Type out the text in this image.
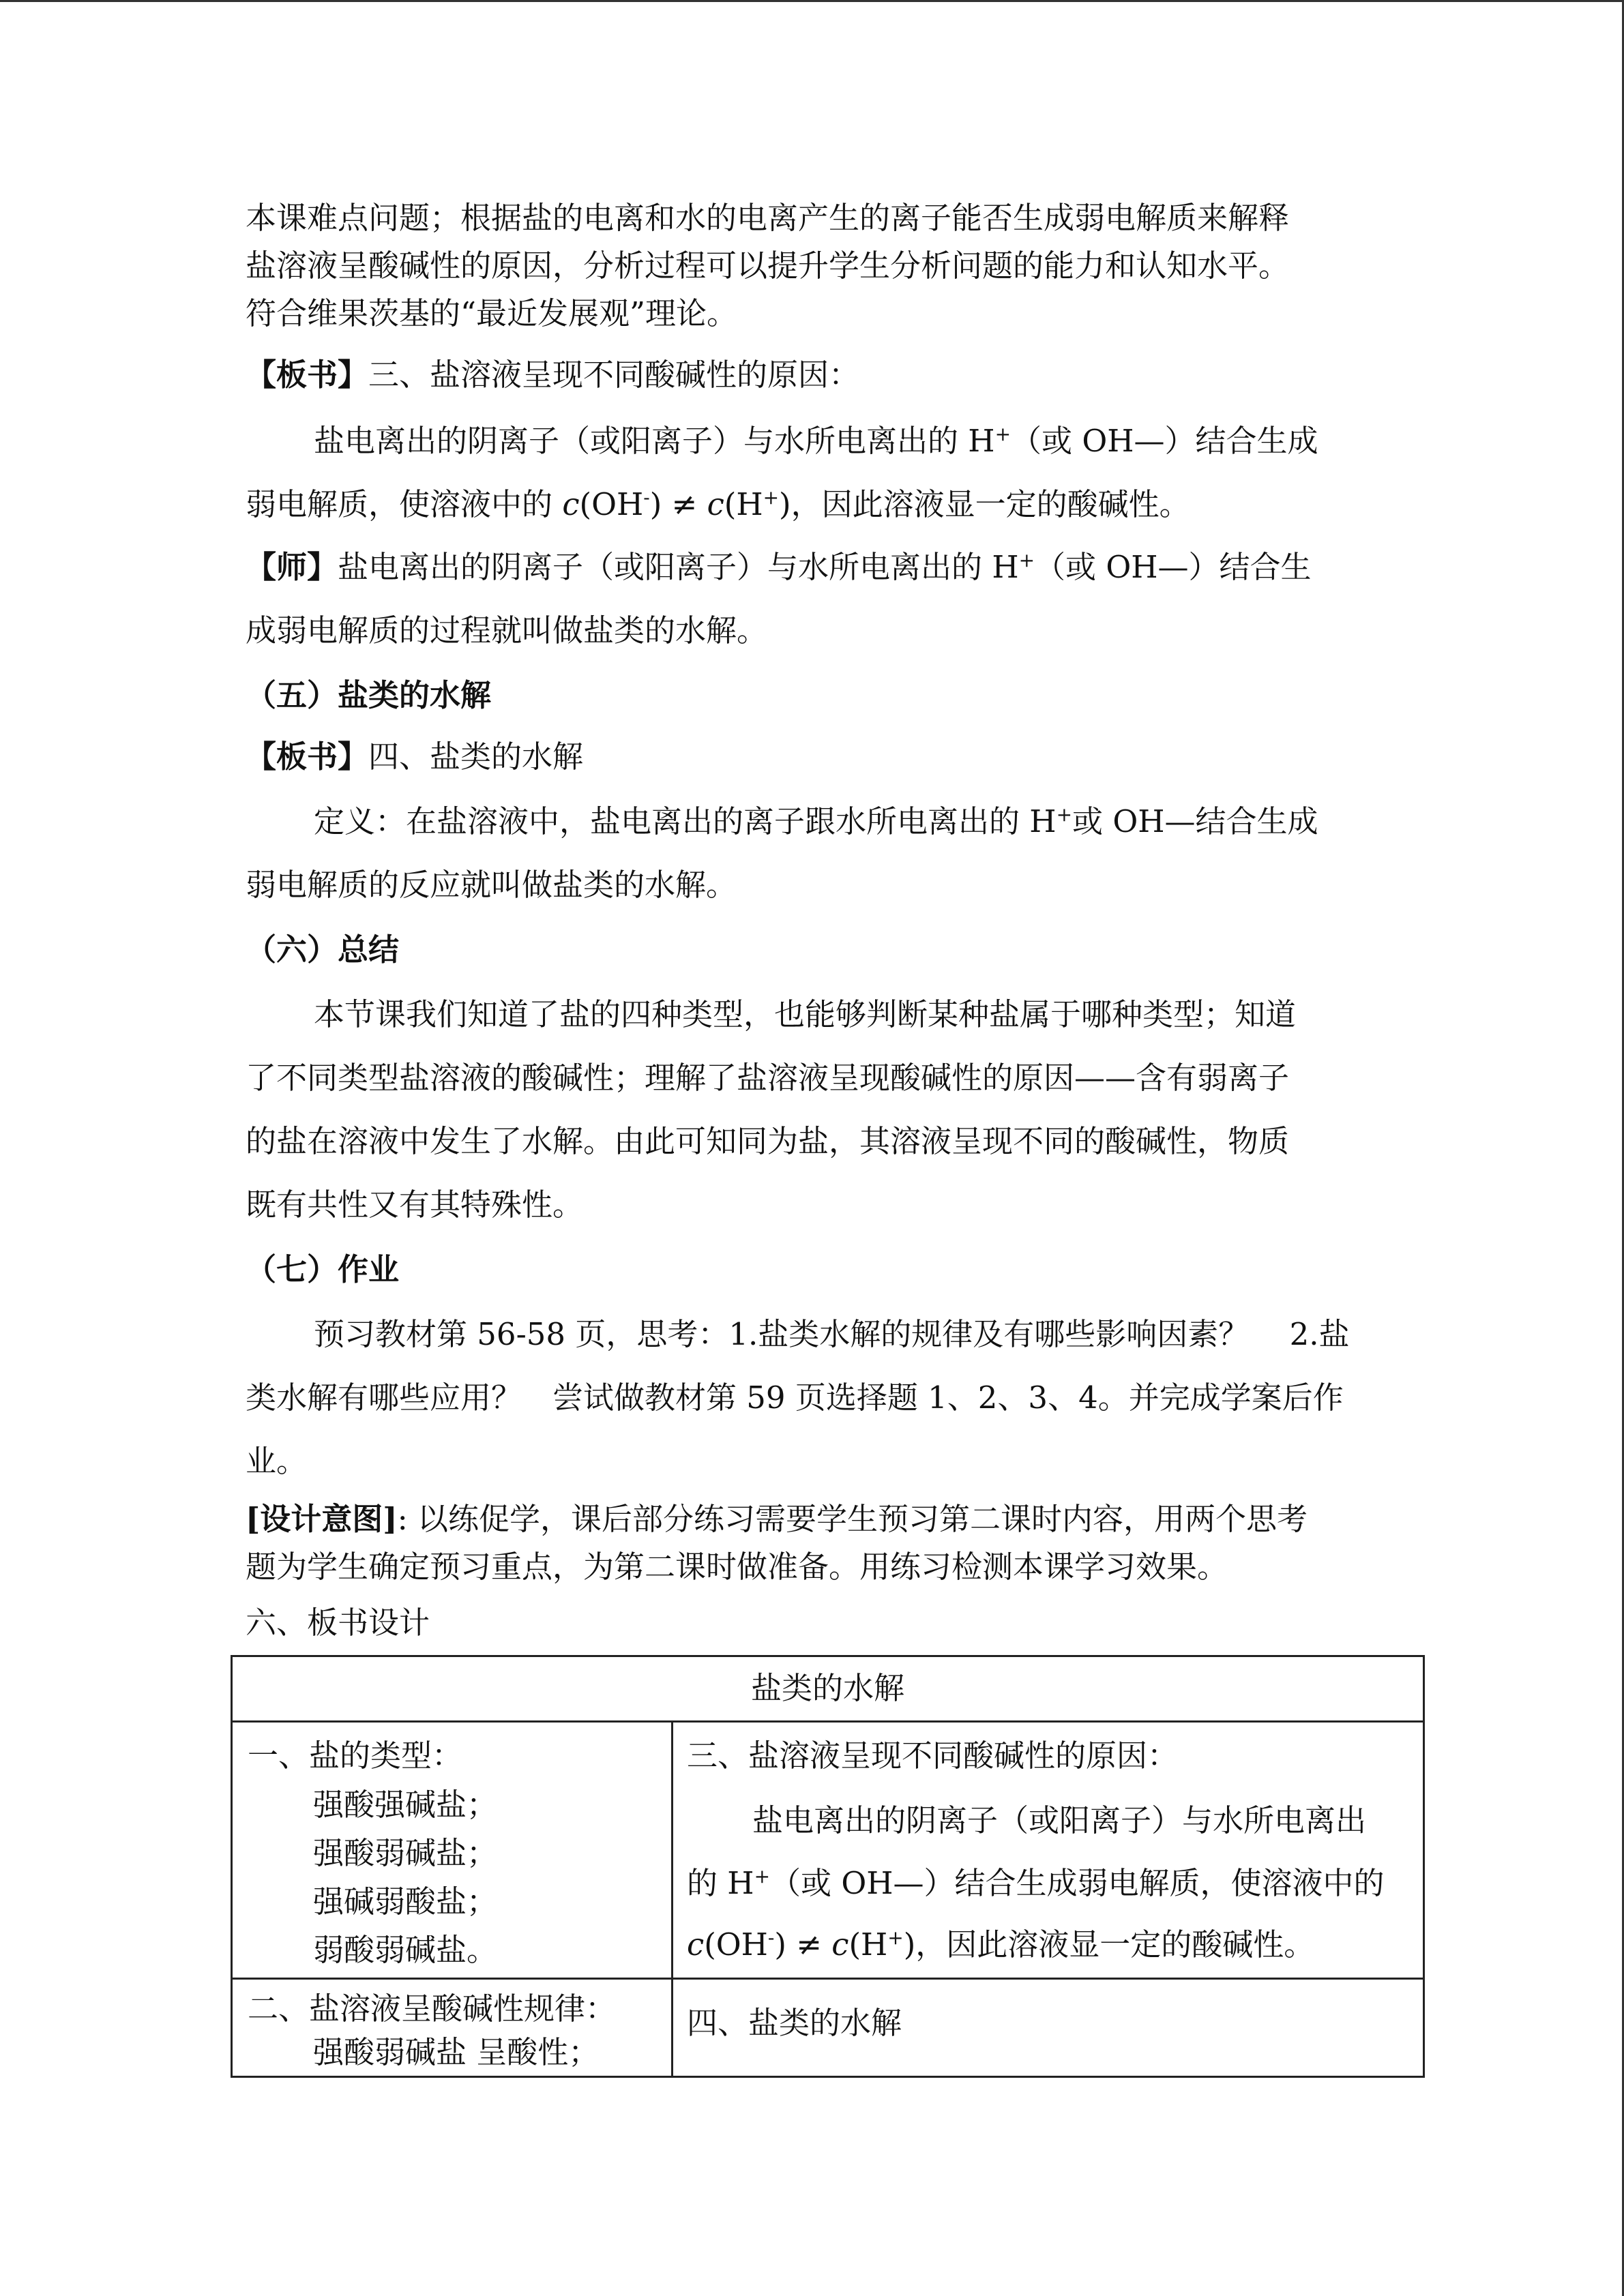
本课难点问题；根据盐的电离和水的电离产生的离子能否生成弱电解质来解释
盐溶液呈酸碱性的原因，分析过程可以提升学生分析问题的能力和认知水平。
符合维果茨基的“最近发展观”理论。
【板书】三、盐溶液呈现不同酸碱性的原因：
盐电离出的阴离子（或阳离子）与水所电离出的 H+（或 OH—）结合生成
弱电解质，使溶液中的 c(OH-) ≠ c(H+)，因此溶液显一定的酸碱性。
【师】盐电离出的阴离子（或阳离子）与水所电离出的 H+（或 OH—）结合生
成弱电解质的过程就叫做盐类的水解。
（五）盐类的水解
【板书】四、盐类的水解
定义：在盐溶液中，盐电离出的离子跟水所电离出的 H+或 OH—结合生成
弱电解质的反应就叫做盐类的水解。
（六）总结
本节课我们知道了盐的四种类型，也能够判断某种盐属于哪种类型；知道
了不同类型盐溶液的酸碱性；理解了盐溶液呈现酸碱性的原因——含有弱离子
的盐在溶液中发生了水解。由此可知同为盐，其溶液呈现不同的酸碱性，物质
既有共性又有其特殊性。
（七）作业
预习教材第 56-58 页，思考：1.盐类水解的规律及有哪些影响因素？　 2.盐
类水解有哪些应用？　尝试做教材第 59 页选择题 1、2、3、4。并完成学案后作
业。
[设计意图]: 以练促学，课后部分练习需要学生预习第二课时内容，用两个思考
题为学生确定预习重点，为第二课时做准备。用练习检测本课学习效果。
六、板书设计
盐类的水解
一、盐的类型：
强酸强碱盐；
强酸弱碱盐；
强碱弱酸盐；
弱酸弱碱盐。
三、盐溶液呈现不同酸碱性的原因：
盐电离出的阴离子（或阳离子）与水所电离出
的 H+（或 OH—）结合生成弱电解质，使溶液中的
c(OH-) ≠ c(H+)，因此溶液显一定的酸碱性。
二、盐溶液呈酸碱性规律：
强酸弱碱盐 呈酸性；
四、盐类的水解
